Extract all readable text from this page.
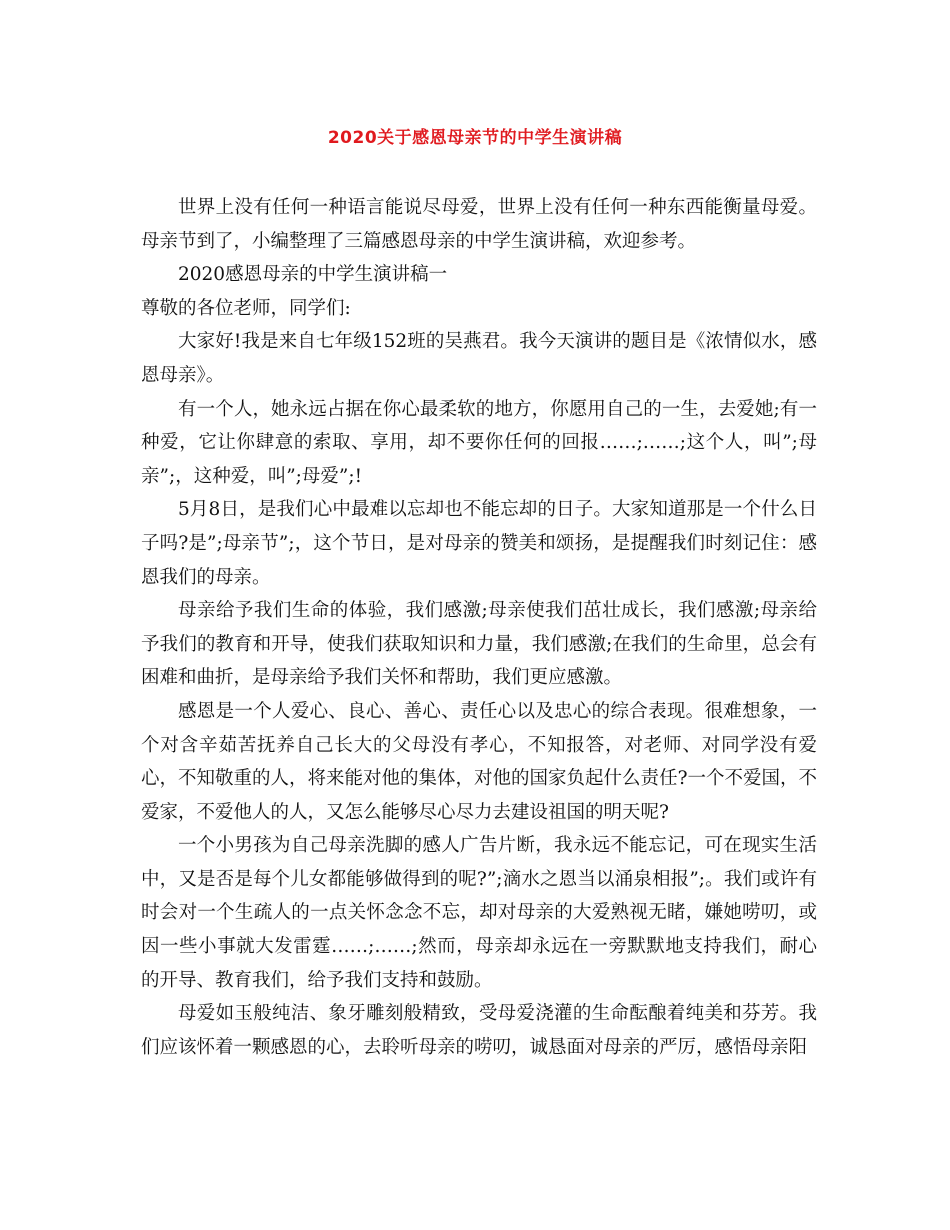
2020关于感恩母亲节的中学生演讲稿

世界上没有任何一种语言能说尽母爱，世界上没有任何一种东西能衡量母爱。母亲节到了，小编整理了三篇感恩母亲的中学生演讲稿，欢迎参考。

2020感恩母亲的中学生演讲稿一

尊敬的各位老师，同学们:

大家好!我是来自七年级152班的吴燕君。我今天演讲的题目是《浓情似水，感恩母亲》。

有一个人，她永远占据在你心最柔软的地方，你愿用自己的一生，去爱她;有一种爱，它让你肆意的索取、享用，却不要你任何的回报……;……;这个人，叫”;母亲”;，这种爱，叫”;母爱”;!

5月8日，是我们心中最难以忘却也不能忘却的日子。大家知道那是一个什么日子吗?是”;母亲节”;，这个节日，是对母亲的赞美和颂扬，是提醒我们时刻记住：感恩我们的母亲。

母亲给予我们生命的体验，我们感激;母亲使我们茁壮成长，我们感激;母亲给予我们的教育和开导，使我们获取知识和力量，我们感激;在我们的生命里，总会有困难和曲折，是母亲给予我们关怀和帮助，我们更应感激。

感恩是一个人爱心、良心、善心、责任心以及忠心的综合表现。很难想象，一个对含辛茹苦抚养自己长大的父母没有孝心，不知报答，对老师、对同学没有爱心，不知敬重的人，将来能对他的集体，对他的国家负起什么责任?一个不爱国，不爱家，不爱他人的人，又怎么能够尽心尽力去建设祖国的明天呢?

一个小男孩为自己母亲洗脚的感人广告片断，我永远不能忘记，可在现实生活中，又是否是每个儿女都能够做得到的呢?”;滴水之恩当以涌泉相报”;。我们或许有时会对一个生疏人的一点关怀念念不忘，却对母亲的大爱熟视无睹，嫌她唠叨，或因一些小事就大发雷霆……;……;然而，母亲却永远在一旁默默地支持我们，耐心的开导、教育我们，给予我们支持和鼓励。

母爱如玉般纯洁、象牙雕刻般精致，受母爱浇灌的生命酝酿着纯美和芬芳。我们应该怀着一颗感恩的心，去聆听母亲的唠叨，诚恳面对母亲的严厉，感悟母亲阳
